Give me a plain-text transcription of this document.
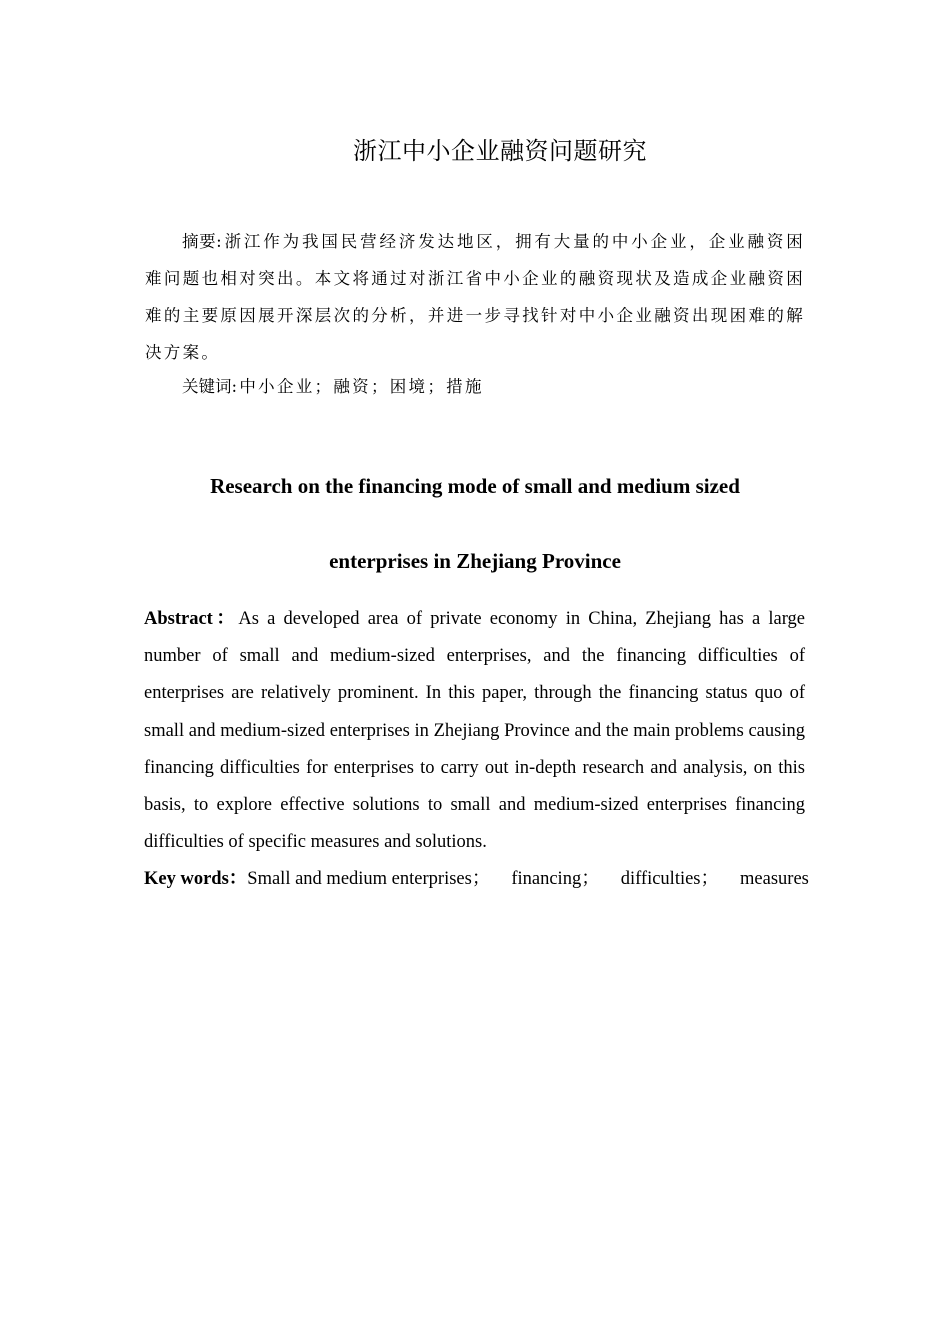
浙江中小企业融资问题研究
摘要:浙江作为我国民营经济发达地区，拥有大量的中小企业，企业融资困难问题也相对突出。本文将通过对浙江省中小企业的融资现状及造成企业融资困难的主要原因展开深层次的分析，并进一步寻找针对中小企业融资出现困难的解决方案。
关键词:中小企业；融资；困境；措施
Research on the financing mode of small and medium sized
enterprises in Zhejiang Province
Abstract：As a developed area of private economy in China, Zhejiang has a large number of small and medium-sized enterprises, and the financing difficulties of enterprises are relatively prominent. In this paper, through the financing status quo of small and medium-sized enterprises in Zhejiang Province and the main problems causing financing difficulties for enterprises to carry out in-depth research and analysis, on this basis, to explore effective solutions to small and medium-sized enterprises financing difficulties of specific measures and solutions.
Key words：Small and medium enterprises； financing； difficulties； measures
